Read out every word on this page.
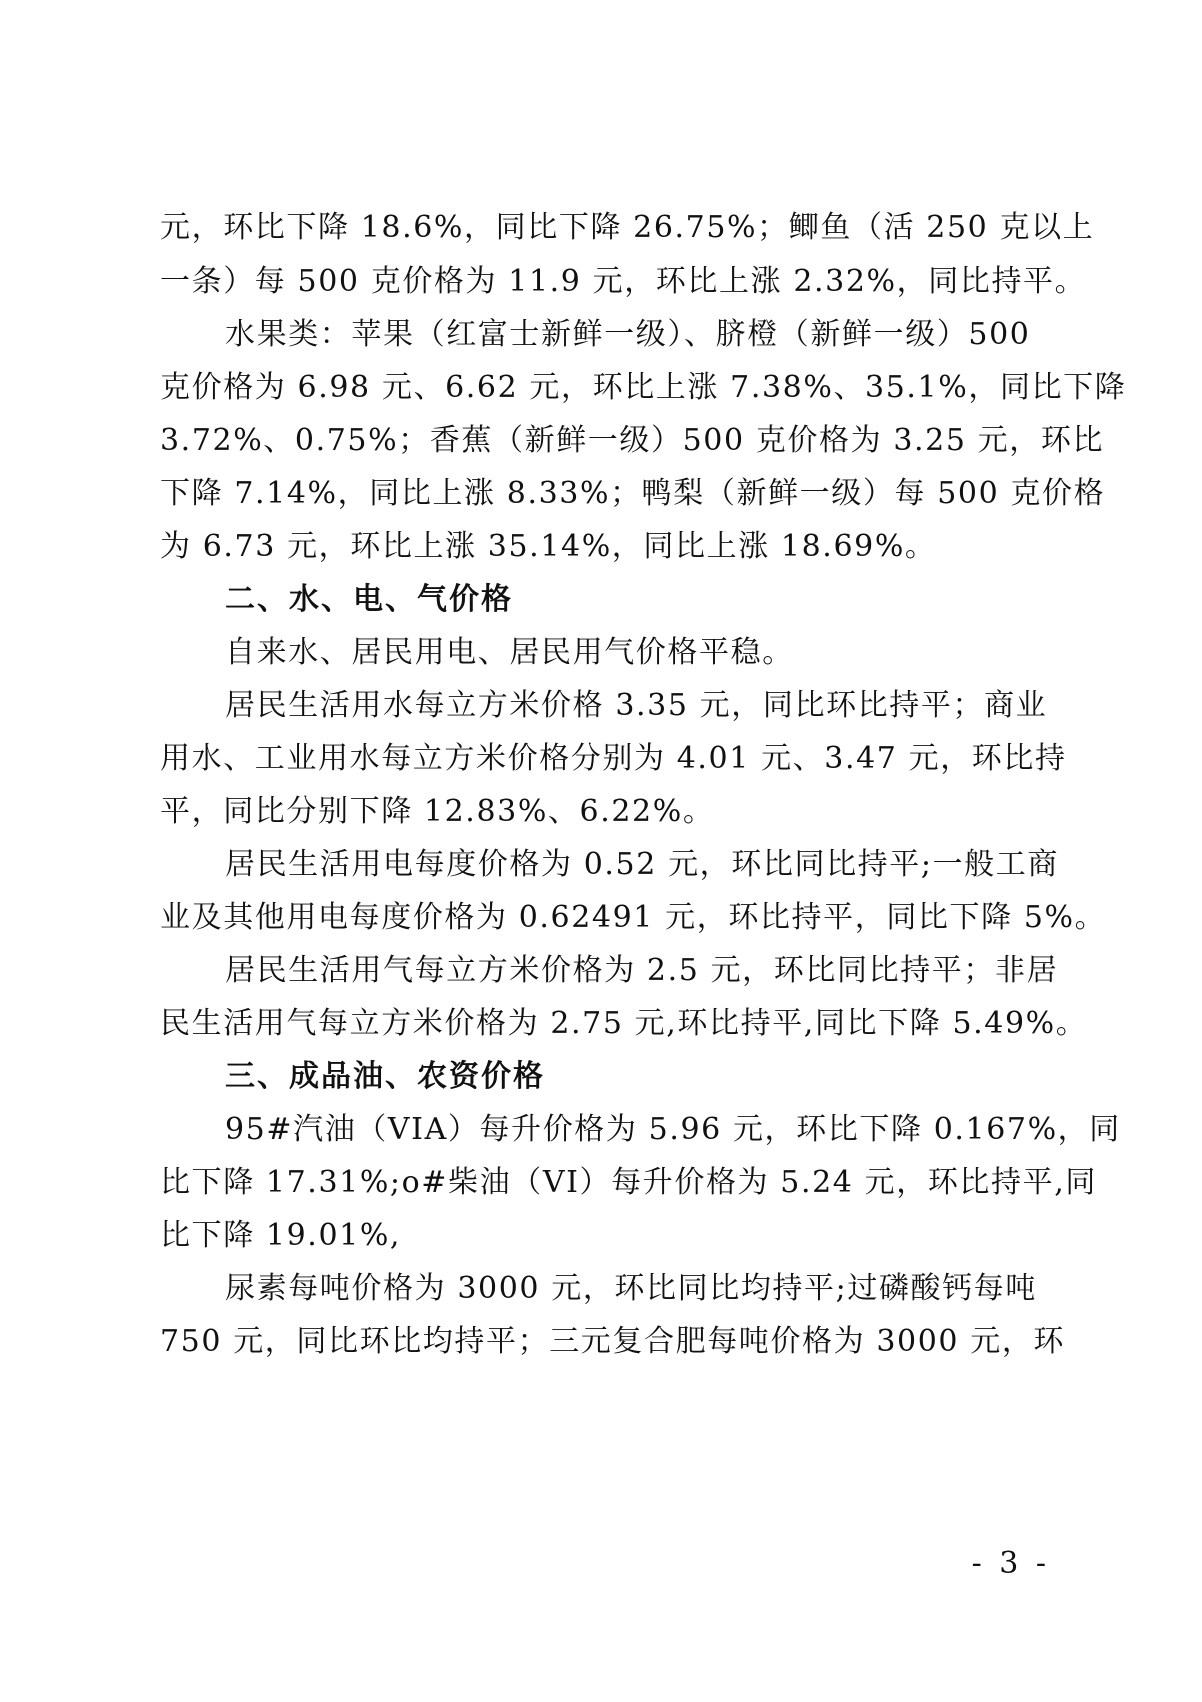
元，环比下降 18.6%，同比下降 26.75%；鲫鱼（活 250 克以上
一条）每 500 克价格为 11.9 元，环比上涨 2.32%，同比持平。
水果类：苹果（红富士新鲜一级）、脐橙（新鲜一级）500
克价格为 6.98 元、6.62 元，环比上涨 7.38%、35.1%，同比下降
3.72%、0.75%；香蕉（新鲜一级）500 克价格为 3.25 元，环比
下降 7.14%，同比上涨 8.33%；鸭梨（新鲜一级）每 500 克价格
为 6.73 元，环比上涨 35.14%，同比上涨 18.69%。
二、水、电、气价格
自来水、居民用电、居民用气价格平稳。
居民生活用水每立方米价格 3.35 元，同比环比持平；商业
用水、工业用水每立方米价格分别为 4.01 元、3.47 元，环比持
平，同比分别下降 12.83%、6.22%。
居民生活用电每度价格为 0.52 元，环比同比持平;一般工商
业及其他用电每度价格为 0.62491 元，环比持平，同比下降 5%。
居民生活用气每立方米价格为 2.5 元，环比同比持平；非居
民生活用气每立方米价格为 2.75 元,环比持平,同比下降 5.49%。
三、成品油、农资价格
95#汽油（VIA）每升价格为 5.96 元，环比下降 0.167%，同
比下降 17.31%;o#柴油（VI）每升价格为 5.24 元，环比持平,同
比下降 19.01%,
尿素每吨价格为 3000 元，环比同比均持平;过磷酸钙每吨
750 元，同比环比均持平；三元复合肥每吨价格为 3000 元，环
- 3 -
